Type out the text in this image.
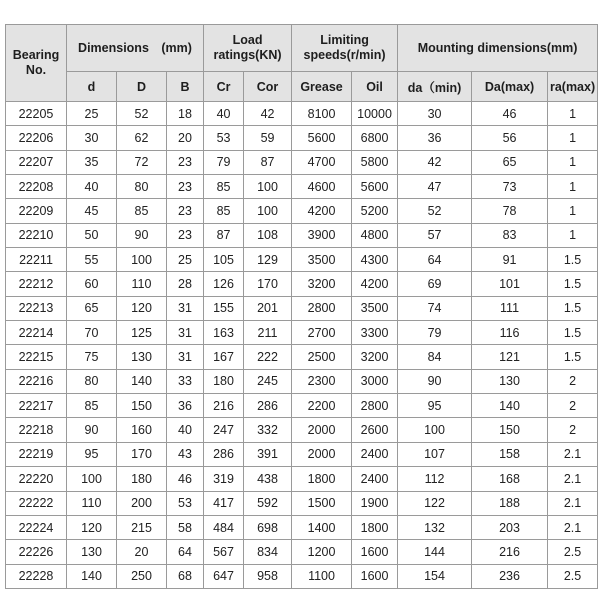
Bearing No.	Dimensions　(mm)			Load ratings(KN)		Limiting speeds(r/min)		Mounting dimensions(mm)		
	d	D	B	Cr	Cor	Grease	Oil	da（min)	Da(max)	ra(max)
22205	25	52	18	40	42	8100	10000	30	46	1
22206	30	62	20	53	59	5600	6800	36	56	1
22207	35	72	23	79	87	4700	5800	42	65	1
22208	40	80	23	85	100	4600	5600	47	73	1
22209	45	85	23	85	100	4200	5200	52	78	1
22210	50	90	23	87	108	3900	4800	57	83	1
22211	55	100	25	105	129	3500	4300	64	91	1.5
22212	60	110	28	126	170	3200	4200	69	101	1.5
22213	65	120	31	155	201	2800	3500	74	111	1.5
22214	70	125	31	163	211	2700	3300	79	116	1.5
22215	75	130	31	167	222	2500	3200	84	121	1.5
22216	80	140	33	180	245	2300	3000	90	130	2
22217	85	150	36	216	286	2200	2800	95	140	2
22218	90	160	40	247	332	2000	2600	100	150	2
22219	95	170	43	286	391	2000	2400	107	158	2.1
22220	100	180	46	319	438	1800	2400	112	168	2.1
22222	110	200	53	417	592	1500	1900	122	188	2.1
22224	120	215	58	484	698	1400	1800	132	203	2.1
22226	130	20	64	567	834	1200	1600	144	216	2.5
22228	140	250	68	647	958	1100	1600	154	236	2.5
